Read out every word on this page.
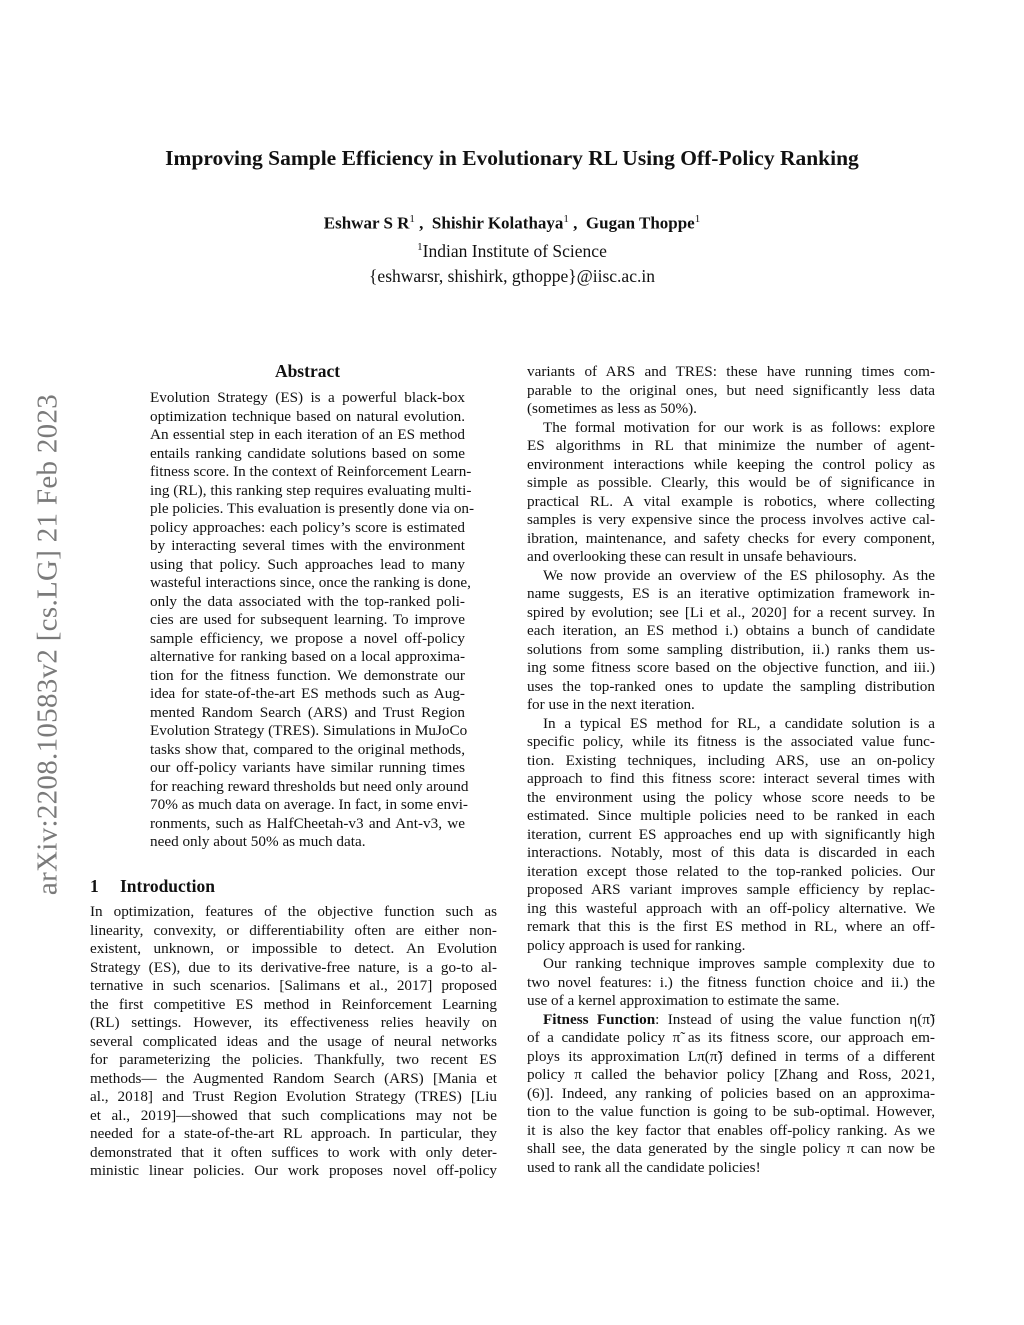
arXiv:2208.10583v2 [cs.LG] 21 Feb 2023
Improving Sample Efficiency in Evolutionary RL Using Off-Policy Ranking
Eshwar S $R^1$ ,  Shishir Kolathaya$^1$ ,  Gugan Thoppe$^1$
$^1$Indian Institute of Science
{eshwarsr, shishirk, gthoppe}@iisc.ac.in
Abstract
Evolution Strategy (ES) is a powerful black-box
optimization technique based on natural evolution.
An essential step in each iteration of an ES method
entails ranking candidate solutions based on some
fitness score. In the context of Reinforcement Learn-
ing (RL), this ranking step requires evaluating multi-
ple policies. This evaluation is presently done via on-
policy approaches: each policy’s score is estimated
by interacting several times with the environment
using that policy. Such approaches lead to many
wasteful interactions since, once the ranking is done,
only the data associated with the top-ranked poli-
cies are used for subsequent learning. To improve
sample efficiency, we propose a novel off-policy
alternative for ranking based on a local approxima-
tion for the fitness function. We demonstrate our
idea for state-of-the-art ES methods such as Aug-
mented Random Search (ARS) and Trust Region
Evolution Strategy (TRES). Simulations in MuJoCo
tasks show that, compared to the original methods,
our off-policy variants have similar running times
for reaching reward thresholds but need only around
70% as much data on average. In fact, in some envi-
ronments, such as HalfCheetah-v3 and Ant-v3, we
need only about 50% as much data.
1 Introduction
In optimization, features of the objective function such as
linearity, convexity, or differentiability often are either non-
existent, unknown, or impossible to detect. An Evolution
Strategy (ES), due to its derivative-free nature, is a go-to al-
ternative in such scenarios. [Salimans et al., 2017] proposed
the first competitive ES method in Reinforcement Learning
(RL) settings. However, its effectiveness relies heavily on
several complicated ideas and the usage of neural networks
for parameterizing the policies. Thankfully, two recent ES
methods— the Augmented Random Search (ARS) [Mania et
al., 2018] and Trust Region Evolution Strategy (TRES) [Liu
et al., 2019]—showed that such complications may not be
needed for a state-of-the-art RL approach. In particular, they
demonstrated that it often suffices to work with only deter-
ministic linear policies. Our work proposes novel off-policy
variants of ARS and TRES: these have running times com-
parable to the original ones, but need significantly less data
(sometimes as less as 50%).
The formal motivation for our work is as follows: explore
ES algorithms in RL that minimize the number of agent-
environment interactions while keeping the control policy as
simple as possible. Clearly, this would be of significance in
practical RL. A vital example is robotics, where collecting
samples is very expensive since the process involves active cal-
ibration, maintenance, and safety checks for every component,
and overlooking these can result in unsafe behaviours.
We now provide an overview of the ES philosophy. As the
name suggests, ES is an iterative optimization framework in-
spired by evolution; see [Li et al., 2020] for a recent survey. In
each iteration, an ES method i.) obtains a bunch of candidate
solutions from some sampling distribution, ii.) ranks them us-
ing some fitness score based on the objective function, and iii.)
uses the top-ranked ones to update the sampling distribution
for use in the next iteration.
In a typical ES method for RL, a candidate solution is a
specific policy, while its fitness is the associated value func-
tion. Existing techniques, including ARS, use an on-policy
approach to find this fitness score: interact several times with
the environment using the policy whose score needs to be
estimated. Since multiple policies need to be ranked in each
iteration, current ES approaches end up with significantly high
interactions. Notably, most of this data is discarded in each
iteration except those related to the top-ranked policies. Our
proposed ARS variant improves sample efficiency by replac-
ing this wasteful approach with an off-policy alternative. We
remark that this is the first ES method in RL, where an off-
policy approach is used for ranking.
Our ranking technique improves sample complexity due to
two novel features: i.) the fitness function choice and ii.) the
use of a kernel approximation to estimate the same.
Fitness Function: Instead of using the value function η(π̃)
of a candidate policy π̃ as its fitness score, our approach em-
ploys its approximation Lπ(π̃) defined in terms of a different
policy π called the behavior policy [Zhang and Ross, 2021,
(6)]. Indeed, any ranking of policies based on an approxima-
tion to the value function is going to be sub-optimal. However,
it is also the key factor that enables off-policy ranking. As we
shall see, the data generated by the single policy π can now be
used to rank all the candidate policies!
